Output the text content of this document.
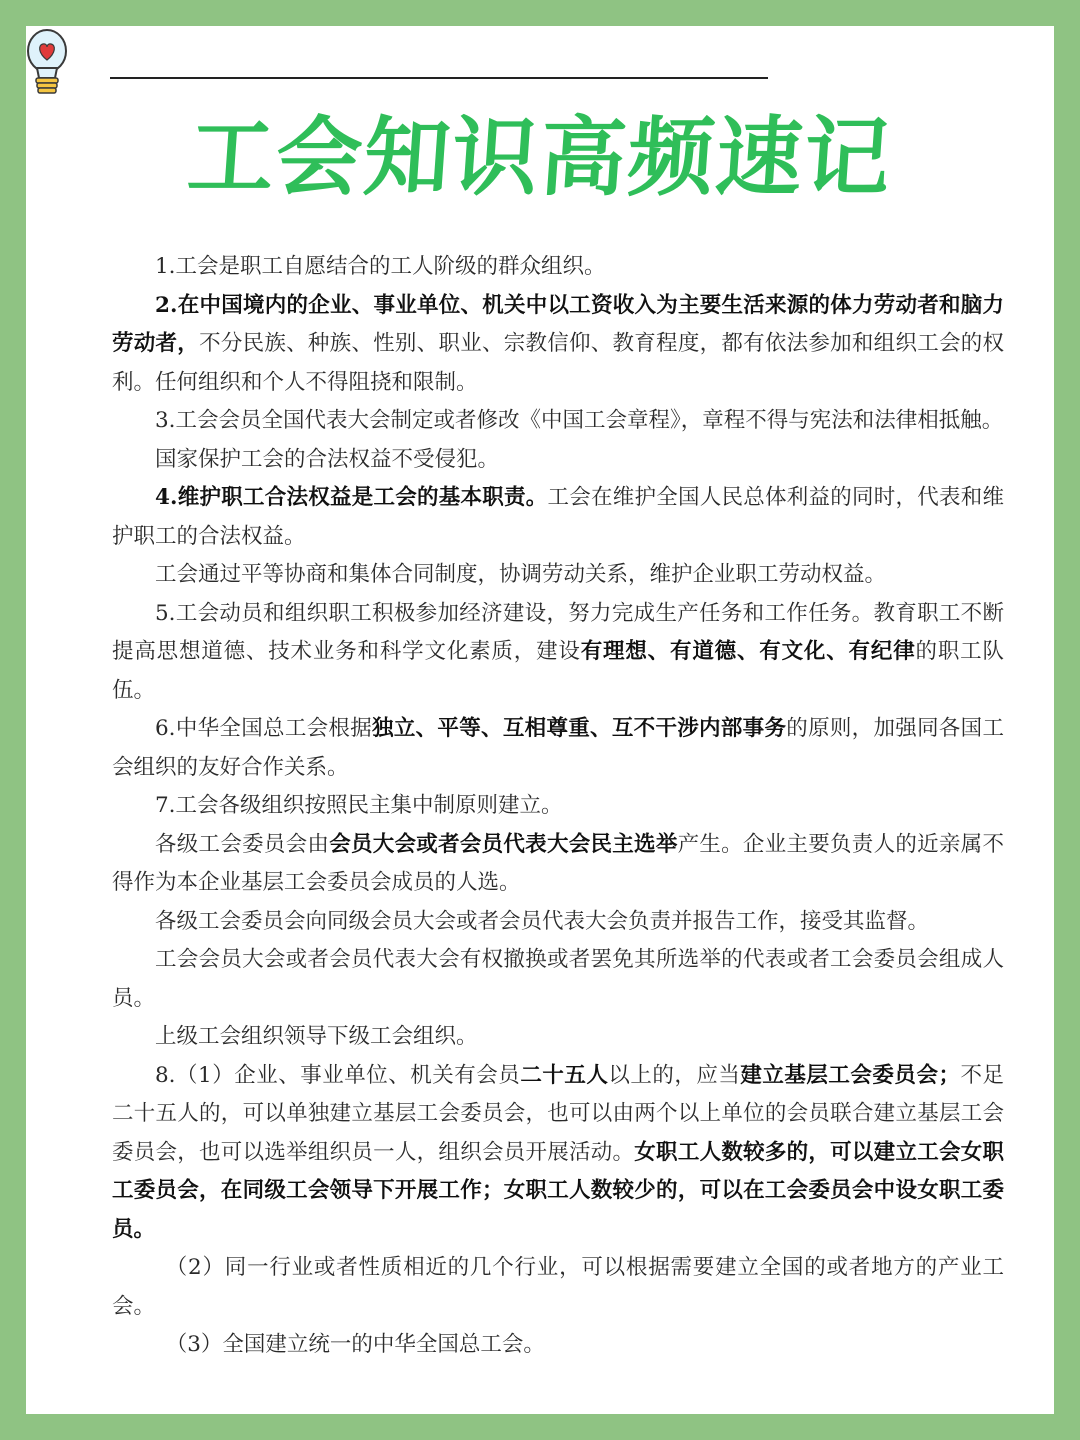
工会知识高频速记

1.工会是职工自愿结合的工人阶级的群众组织。

2.在中国境内的企业、事业单位、机关中以工资收入为主要生活来源的体力劳动者和脑力劳动者，不分民族、种族、性别、职业、宗教信仰、教育程度，都有依法参加和组织工会的权利。任何组织和个人不得阻挠和限制。

3.工会会员全国代表大会制定或者修改《中国工会章程》，章程不得与宪法和法律相抵触。

国家保护工会的合法权益不受侵犯。

4.维护职工合法权益是工会的基本职责。工会在维护全国人民总体利益的同时，代表和维护职工的合法权益。

工会通过平等协商和集体合同制度，协调劳动关系，维护企业职工劳动权益。

5.工会动员和组织职工积极参加经济建设，努力完成生产任务和工作任务。教育职工不断提高思想道德、技术业务和科学文化素质，建设有理想、有道德、有文化、有纪律的职工队伍。

6.中华全国总工会根据独立、平等、互相尊重、互不干涉内部事务的原则，加强同各国工会组织的友好合作关系。

7.工会各级组织按照民主集中制原则建立。

各级工会委员会由会员大会或者会员代表大会民主选举产生。企业主要负责人的近亲属不得作为本企业基层工会委员会成员的人选。

各级工会委员会向同级会员大会或者会员代表大会负责并报告工作，接受其监督。

工会会员大会或者会员代表大会有权撤换或者罢免其所选举的代表或者工会委员会组成人员。

上级工会组织领导下级工会组织。

8.（1）企业、事业单位、机关有会员二十五人以上的，应当建立基层工会委员会；不足二十五人的，可以单独建立基层工会委员会，也可以由两个以上单位的会员联合建立基层工会委员会，也可以选举组织员一人，组织会员开展活动。女职工人数较多的，可以建立工会女职工委员会，在同级工会领导下开展工作；女职工人数较少的，可以在工会委员会中设女职工委员。

（2）同一行业或者性质相近的几个行业，可以根据需要建立全国的或者地方的产业工会。

（3）全国建立统一的中华全国总工会。
